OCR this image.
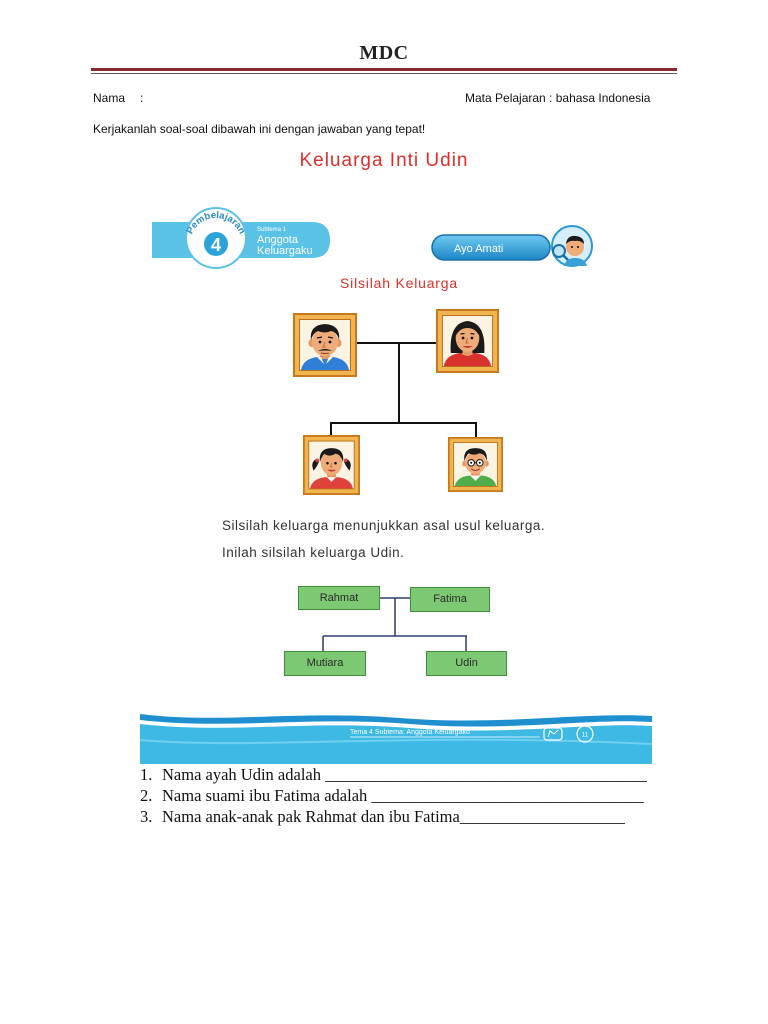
MDC
Nama :	Mata Pelajaran : bahasa Indonesia
Kerjakanlah soal-soal dibawah ini dengan jawaban yang tepat!
Keluarga Inti Udin
Pembelajaran
4
Subtema 1
Anggota
Keluargaku	Ayo Amati
Silsilah Keluarga
Silsilah keluarga menunjukkan asal usul keluarga.
Inilah silsilah keluarga Udin.
Rahmat	Fatima
Mutiara	Udin
Tema 4 Subtema: Anggota Keluargaku	11
1. Nama ayah Udin adalah _______________________________________
2. Nama suami ibu Fatima adalah _________________________________
3. Nama anak-anak pak Rahmat dan ibu Fatima____________________
